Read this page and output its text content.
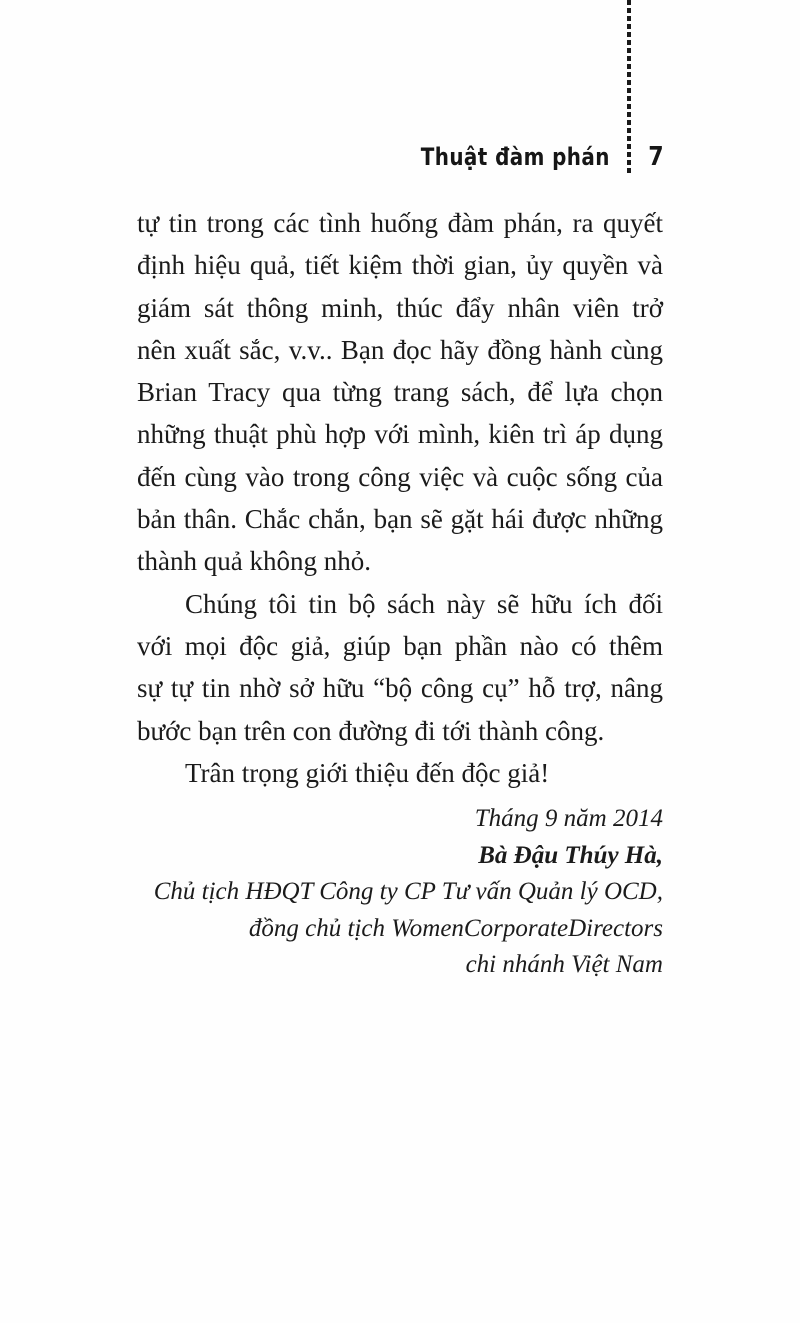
Thuật đàm phán 7

tự tin trong các tình huống đàm phán, ra quyết
định hiệu quả, tiết kiệm thời gian, ủy quyền và
giám sát thông minh, thúc đẩy nhân viên trở
nên xuất sắc, v.v.. Bạn đọc hãy đồng hành cùng
Brian Tracy qua từng trang sách, để lựa chọn
những thuật phù hợp với mình, kiên trì áp dụng
đến cùng vào trong công việc và cuộc sống của
bản thân. Chắc chắn, bạn sẽ gặt hái được những
thành quả không nhỏ.

Chúng tôi tin bộ sách này sẽ hữu ích đối
với mọi độc giả, giúp bạn phần nào có thêm
sự tự tin nhờ sở hữu “bộ công cụ” hỗ trợ, nâng
bước bạn trên con đường đi tới thành công.

Trân trọng giới thiệu đến độc giả!

Tháng 9 năm 2014
Bà Đậu Thúy Hà,
Chủ tịch HĐQT Công ty CP Tư vấn Quản lý OCD,
đồng chủ tịch WomenCorporateDirectors
chi nhánh Việt Nam
